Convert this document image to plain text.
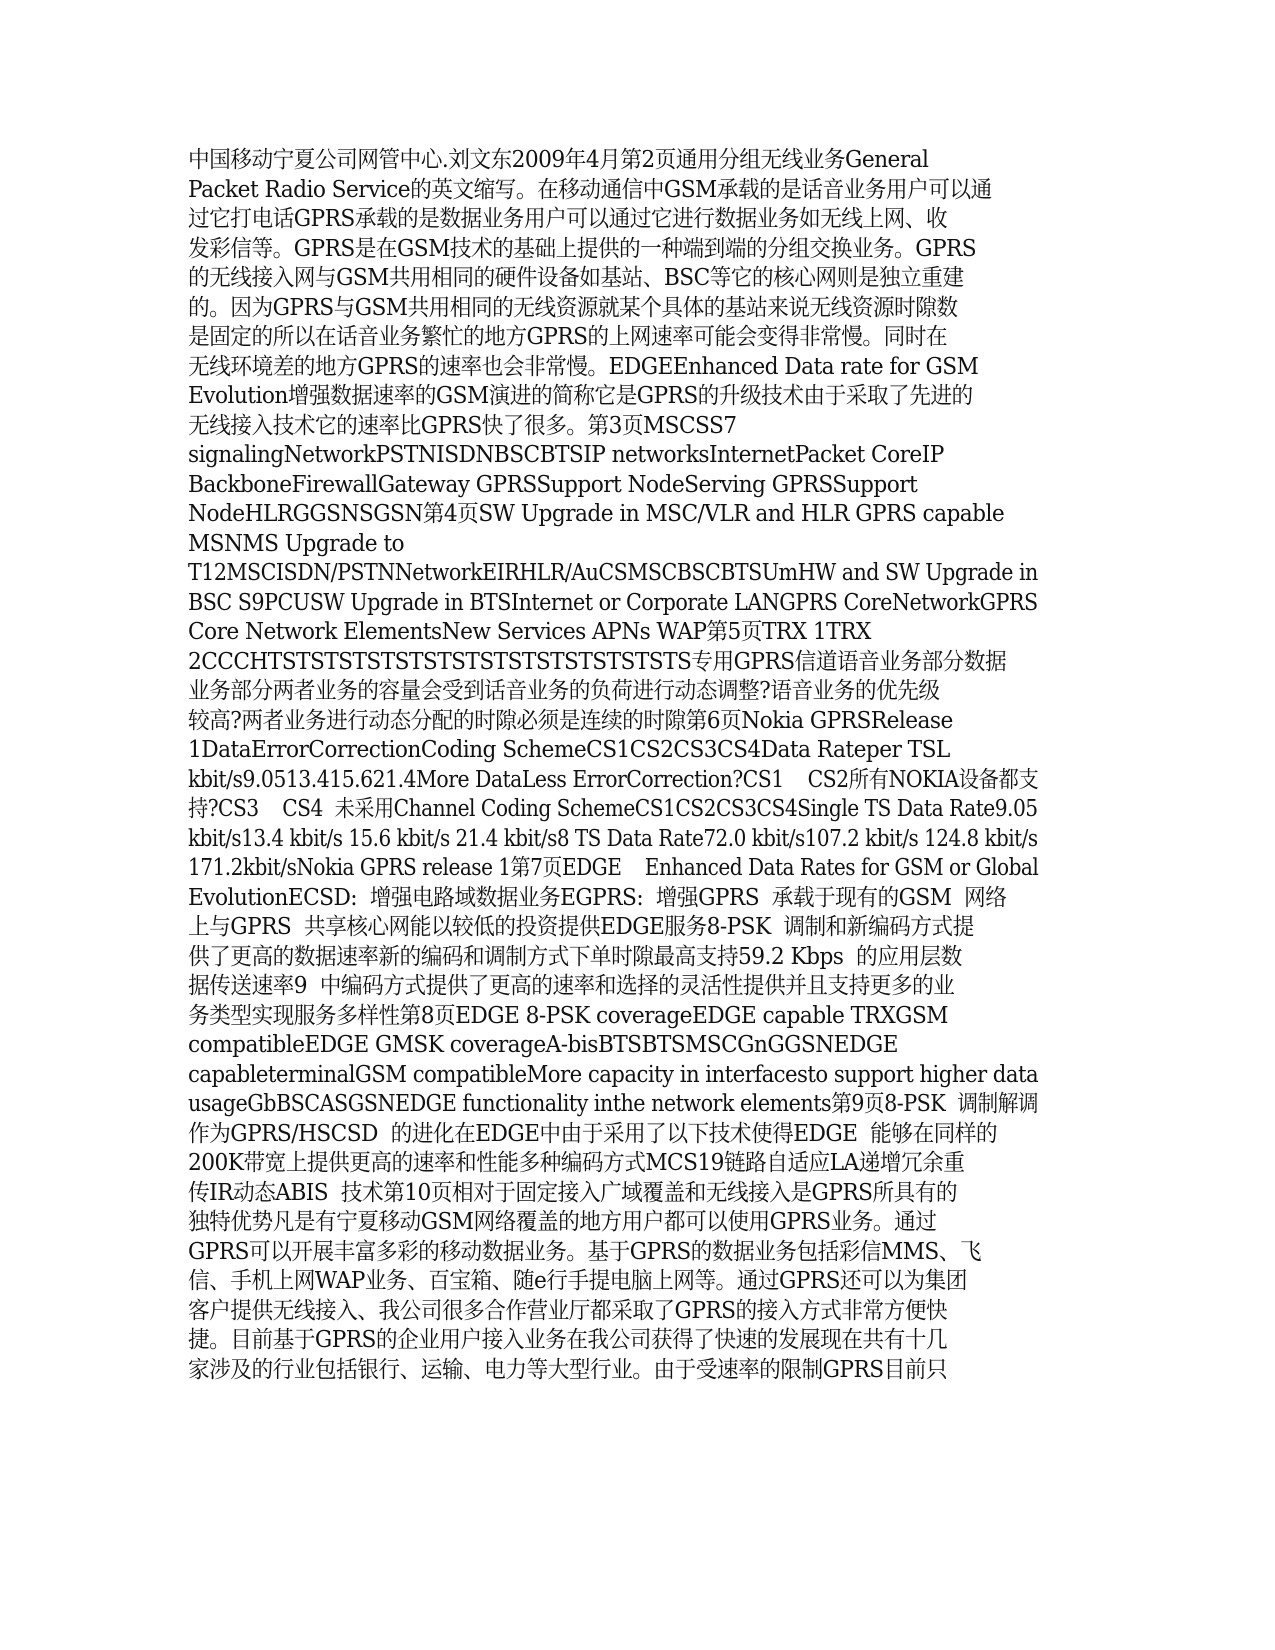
中国移动宁夏公司网管中心.刘文东2009年4月第2页通用分组无线业务General
Packet Radio Service的英文缩写。在移动通信中GSM承载的是话音业务用户可以通
过它打电话GPRS承载的是数据业务用户可以通过它进行数据业务如无线上网、收
发彩信等。GPRS是在GSM技术的基础上提供的一种端到端的分组交换业务。GPRS
的无线接入网与GSM共用相同的硬件设备如基站、BSC等它的核心网则是独立重建
的。因为GPRS与GSM共用相同的无线资源就某个具体的基站来说无线资源时隙数
是固定的所以在话音业务繁忙的地方GPRS的上网速率可能会变得非常慢。同时在
无线环境差的地方GPRS的速率也会非常慢。EDGEEnhanced Data rate for GSM
Evolution增强数据速率的GSM演进的简称它是GPRS的升级技术由于采取了先进的
无线接入技术它的速率比GPRS快了很多。第3页MSCSS7
signalingNetworkPSTNISDNBSCBTSIP networksInternetPacket CoreIP
BackboneFirewallGateway GPRSSupport NodeServing GPRSSupport
NodeHLRGGSNSGSN第4页SW Upgrade in MSC/VLR and HLR GPRS capable
MSNMS Upgrade to
T12MSCISDN/PSTNNetworkEIRHLR/AuCSMSCBSCBTSUmHW and SW Upgrade in
BSC S9PCUSW Upgrade in BTSInternet or Corporate LANGPRS CoreNetworkGPRS
Core Network ElementsNew Services APNs WAP第5页TRX 1TRX
2CCCHTSTSTSTSTSTSTSTSTSTSTSTSTSTSTS专用GPRS信道语音业务部分数据
业务部分两者业务的容量会受到话音业务的负荷进行动态调整?语音业务的优先级
较高?两者业务进行动态分配的时隙必须是连续的时隙第6页Nokia GPRSRelease
1DataErrorCorrectionCoding SchemeCS1CS2CS3CS4Data Rateper TSL
kbit/s9.0513.415.621.4More DataLess ErrorCorrection?CS1    CS2所有NOKIA设备都支
持?CS3    CS4  未采用Channel Coding SchemeCS1CS2CS3CS4Single TS Data Rate9.05
kbit/s13.4 kbit/s 15.6 kbit/s 21.4 kbit/s8 TS Data Rate72.0 kbit/s107.2 kbit/s 124.8 kbit/s
171.2kbit/sNokia GPRS release 1第7页EDGE    Enhanced Data Rates for GSM or Global
EvolutionECSD:  增强电路域数据业务EGPRS:  增强GPRS  承载于现有的GSM  网络
上与GPRS  共享核心网能以较低的投资提供EDGE服务8-PSK  调制和新编码方式提
供了更高的数据速率新的编码和调制方式下单时隙最高支持59.2 Kbps  的应用层数
据传送速率9  中编码方式提供了更高的速率和选择的灵活性提供并且支持更多的业
务类型实现服务多样性第8页EDGE 8-PSK coverageEDGE capable TRXGSM
compatibleEDGE GMSK coverageA-bisBTSBTSMSCGnGGSNEDGE
capableterminalGSM compatibleMore capacity in interfacesto support higher data
usageGbBSCASGSNEDGE functionality inthe network elements第9页8-PSK  调制解调
作为GPRS/HSCSD  的进化在EDGE中由于采用了以下技术使得EDGE  能够在同样的
200K带宽上提供更高的速率和性能多种编码方式MCS19链路自适应LA递增冗余重
传IR动态ABIS  技术第10页相对于固定接入广域覆盖和无线接入是GPRS所具有的
独特优势凡是有宁夏移动GSM网络覆盖的地方用户都可以使用GPRS业务。通过
GPRS可以开展丰富多彩的移动数据业务。基于GPRS的数据业务包括彩信MMS、飞
信、手机上网WAP业务、百宝箱、随e行手提电脑上网等。通过GPRS还可以为集团
客户提供无线接入、我公司很多合作营业厅都采取了GPRS的接入方式非常方便快
捷。目前基于GPRS的企业用户接入业务在我公司获得了快速的发展现在共有十几
家涉及的行业包括银行、运输、电力等大型行业。由于受速率的限制GPRS目前只
